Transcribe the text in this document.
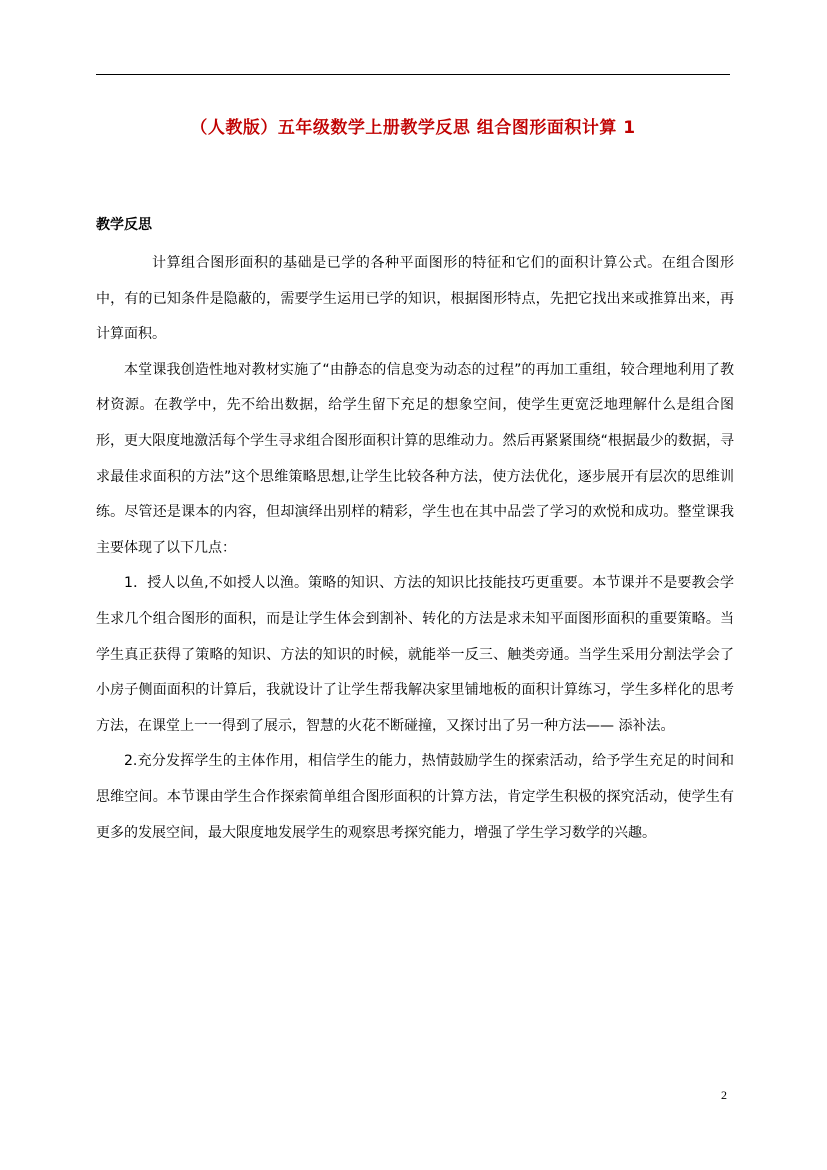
（人教版）五年级数学上册教学反思 组合图形面积计算 1
教学反思

计算组合图形面积的基础是已学的各种平面图形的特征和它们的面积计算公式。在组合图形中，有的已知条件是隐蔽的，需要学生运用已学的知识，根据图形特点，先把它找出来或推算出来，再计算面积。

本堂课我创造性地对教材实施了“由静态的信息变为动态的过程”的再加工重组，较合理地利用了教材资源。在教学中，先不给出数据，给学生留下充足的想象空间，使学生更宽泛地理解什么是组合图形，更大限度地激活每个学生寻求组合图形面积计算的思维动力。然后再紧紧围绕“根据最少的数据，寻求最佳求面积的方法”这个思维策略思想,让学生比较各种方法，使方法优化，逐步展开有层次的思维训练。尽管还是课本的内容，但却演绎出别样的精彩，学生也在其中品尝了学习的欢悦和成功。整堂课我主要体现了以下几点：

1．授人以鱼,不如授人以渔。策略的知识、方法的知识比技能技巧更重要。本节课并不是要教会学生求几个组合图形的面积，而是让学生体会到割补、转化的方法是求未知平面图形面积的重要策略。当学生真正获得了策略的知识、方法的知识的时候，就能举一反三、触类旁通。当学生采用分割法学会了小房子侧面面积的计算后，我就设计了让学生帮我解决家里铺地板的面积计算练习，学生多样化的思考方法，在课堂上一一得到了展示，智慧的火花不断碰撞，又探讨出了另一种方法—— 添补法。

2.充分发挥学生的主体作用，相信学生的能力，热情鼓励学生的探索活动，给予学生充足的时间和思维空间。本节课由学生合作探索简单组合图形面积的计算方法，肯定学生积极的探究活动，使学生有更多的发展空间，最大限度地发展学生的观察思考探究能力，增强了学生学习数学的兴趣。

2
